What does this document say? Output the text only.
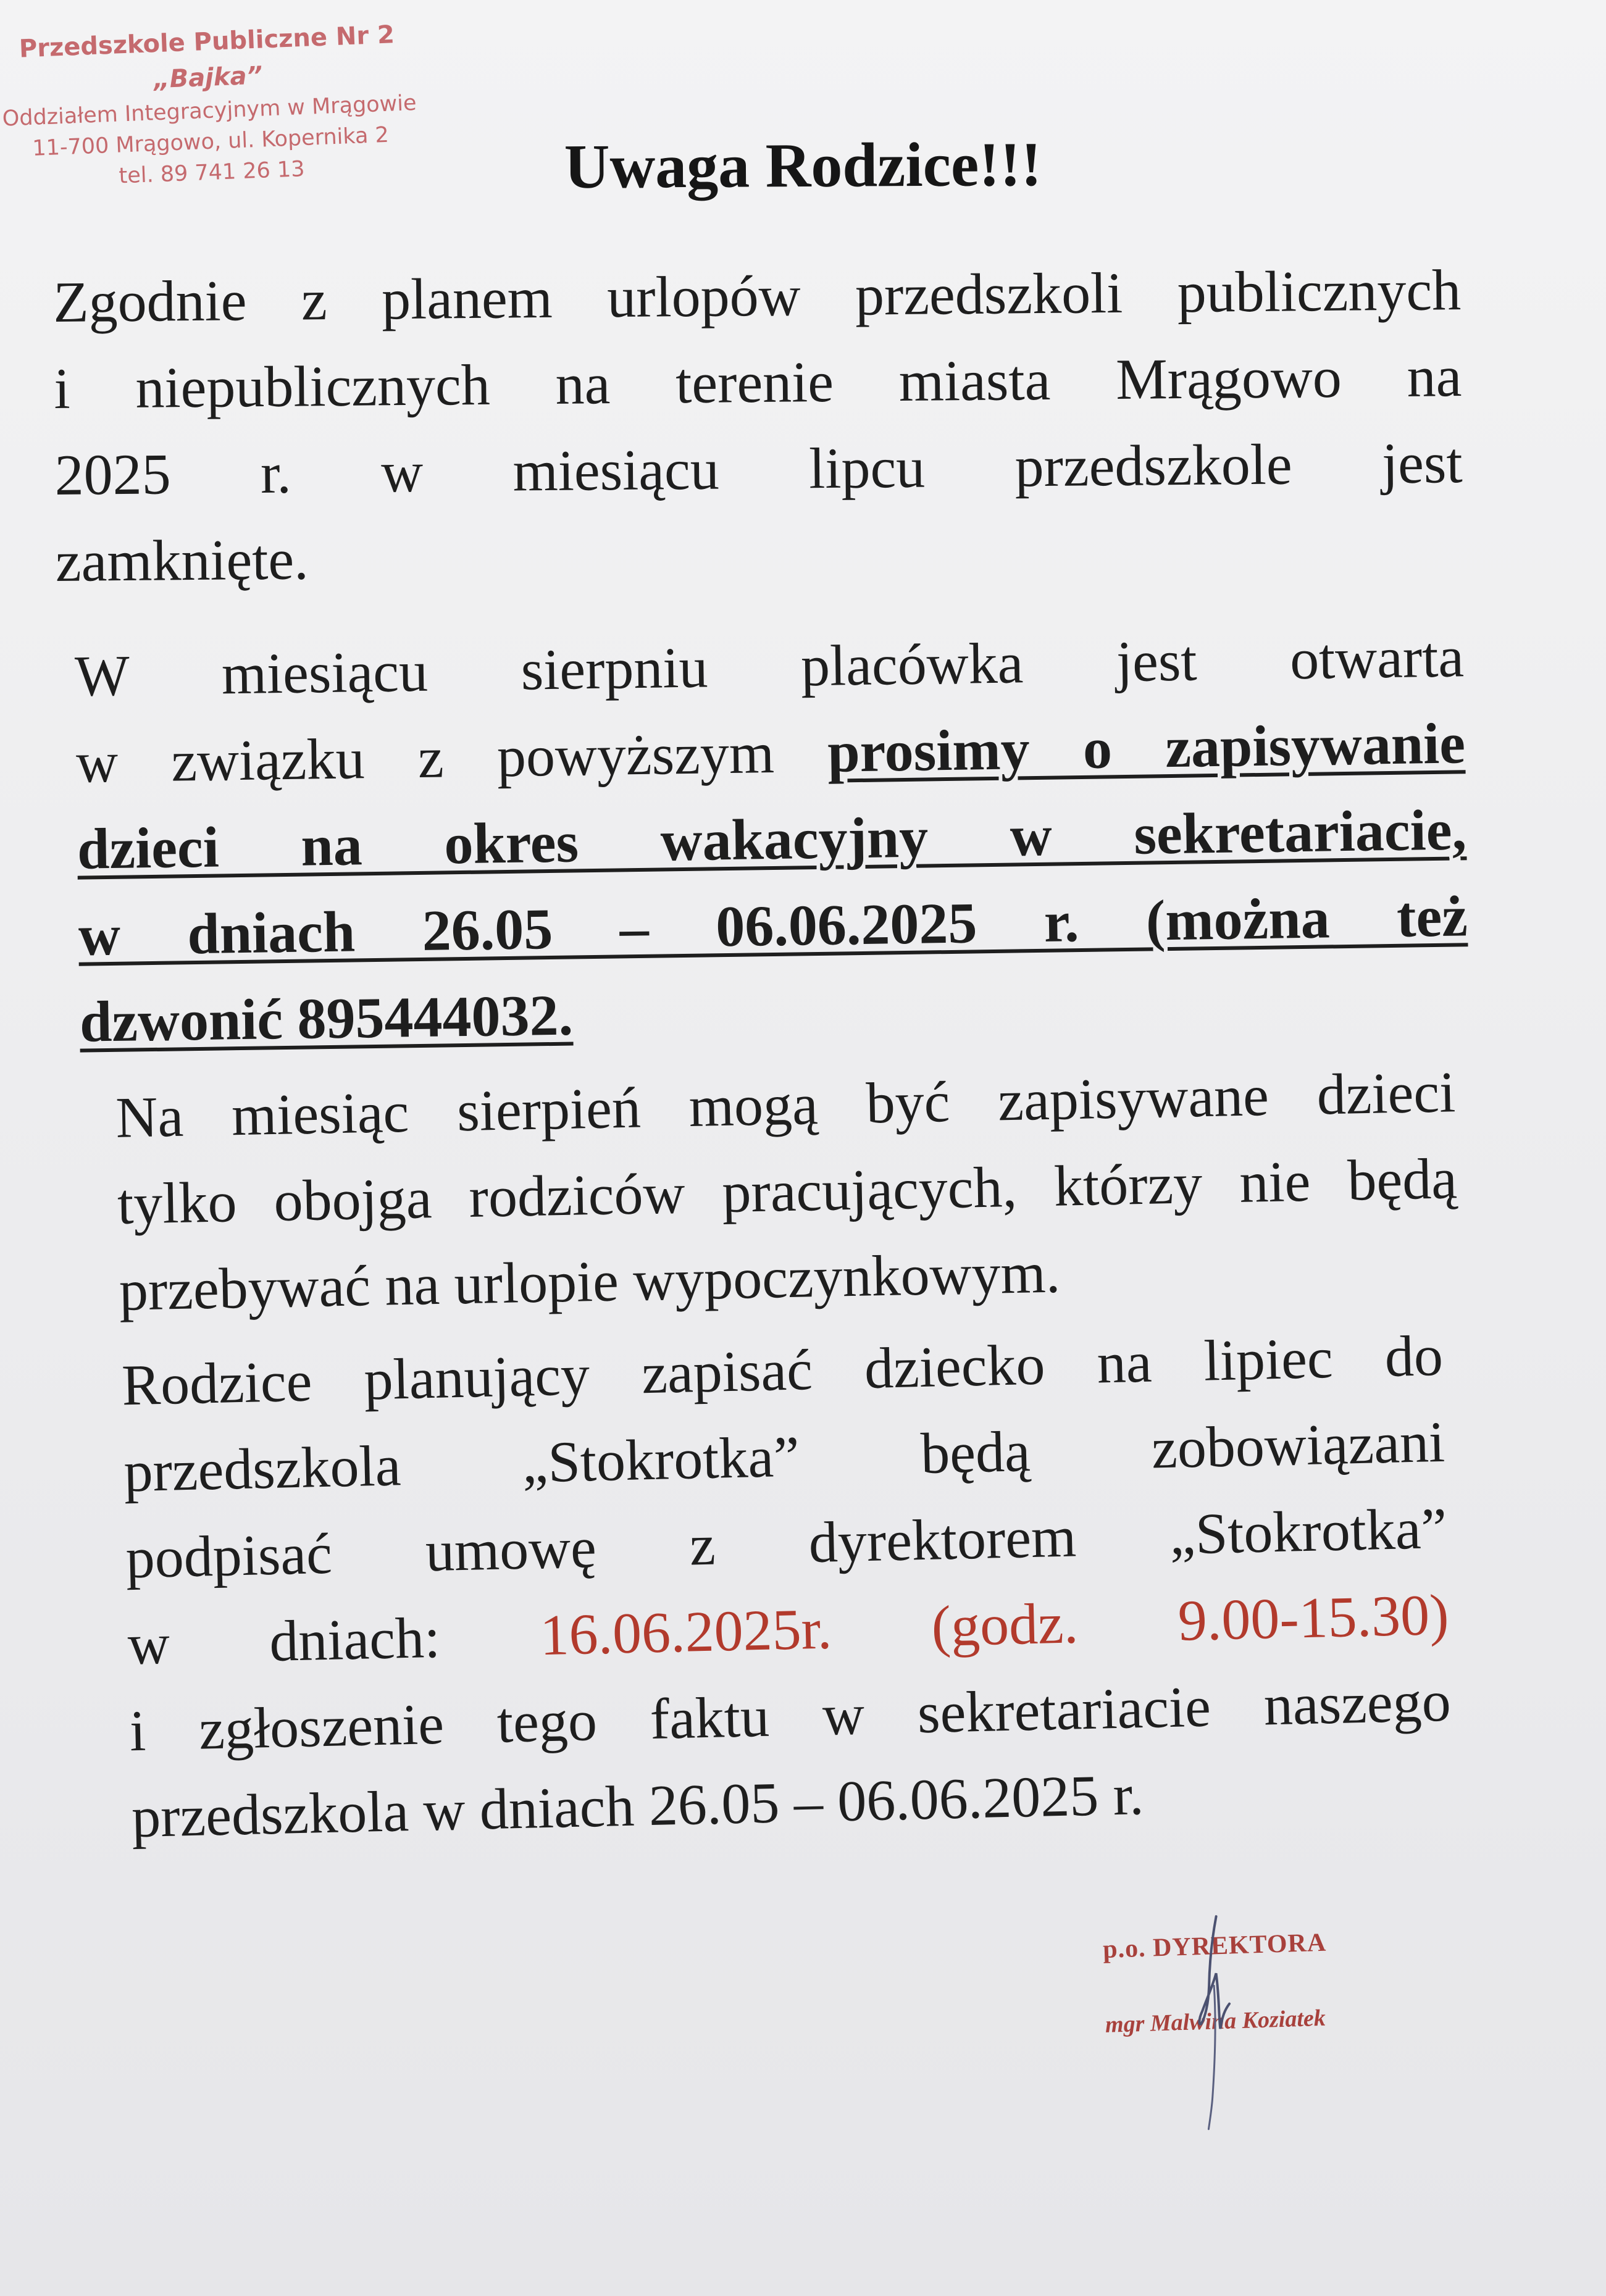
Przedszkole Publiczne Nr 2 „Bajka”
Oddziałem Integracyjnym w Mrągowie
11-700 Mrągowo, ul. Kopernika 2
tel. 89 741 26 13	Uwaga Rodzice!!!
Zgodnie z planem urlopów przedszkoli publicznych
i niepublicznych na terenie miasta Mrągowo na
2025 r. w miesiącu lipcu przedszkole jest
zamknięte.
W miesiącu sierpniu placówka jest otwarta
w związku z powyższym prosimy o zapisywanie
dzieci na okres wakacyjny w sekretariacie,
w dniach 26.05 – 06.06.2025 r. (można też
dzwonić 895444032.
Na miesiąc sierpień mogą być zapisywane dzieci
tylko obojga rodziców pracujących, którzy nie będą
przebywać na urlopie wypoczynkowym.
Rodzice planujący zapisać dziecko na lipiec do
przedszkola „Stokrotka” będą zobowiązani
podpisać umowę z dyrektorem „Stokrotka”
w dniach: 16.06.2025r. (godz. 9.00-15.30)
i zgłoszenie tego faktu w sekretariacie naszego
przedszkola w dniach 26.05 – 06.06.2025 r.
p.o. DYREKTORA
mgr Malwina Koziatek
